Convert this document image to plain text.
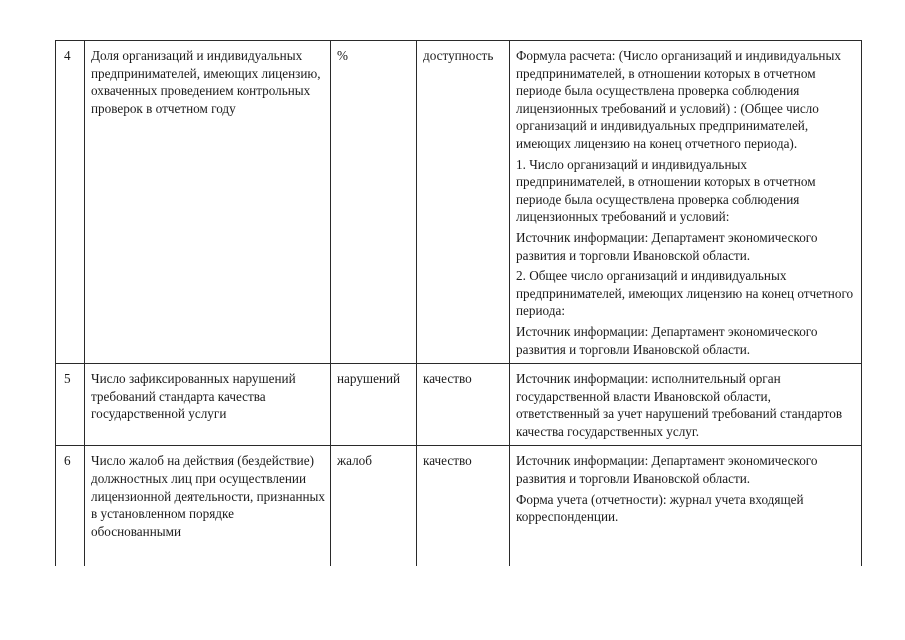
4	Доля организаций и индивидуальных предпринимателей, имеющих лицензию, охваченных проведением контрольных проверок в отчетном году	%	доступность	Формула расчета: (Число организаций и индивидуальных предпринимателей, в отношении которых в отчетном периоде была осуществлена проверка соблюдения лицензионных требований и условий) : (Общее число организаций и индивидуальных предпринимателей, имеющих лицензию на конец отчетного периода).

1. Число организаций и индивидуальных предпринимателей, в отношении которых в отчетном периоде была осуществлена проверка соблюдения лицензионных требований и условий:

Источник информации: Департамент экономического развития и торговли Ивановской области.

2. Общее число организаций и индивидуальных предпринимателей, имеющих лицензию на конец отчетного периода:

Источник информации: Департамент экономического развития и торговли Ивановской области.

5	Число зафиксированных нарушений требований стандарта качества государственной услуги	нарушений	качество	Источник информации: исполнительный орган государственной власти Ивановской области, ответственный за учет нарушений требований стандартов качества государственных услуг.

6	Число жалоб на действия (бездействие) должностных лиц при осуществлении лицензионной деятельности, признанных в установленном порядке обоснованными	жалоб	качество	Источник информации: Департамент экономического развития и торговли Ивановской области.

Форма учета (отчетности): журнал учета входящей корреспонденции.
